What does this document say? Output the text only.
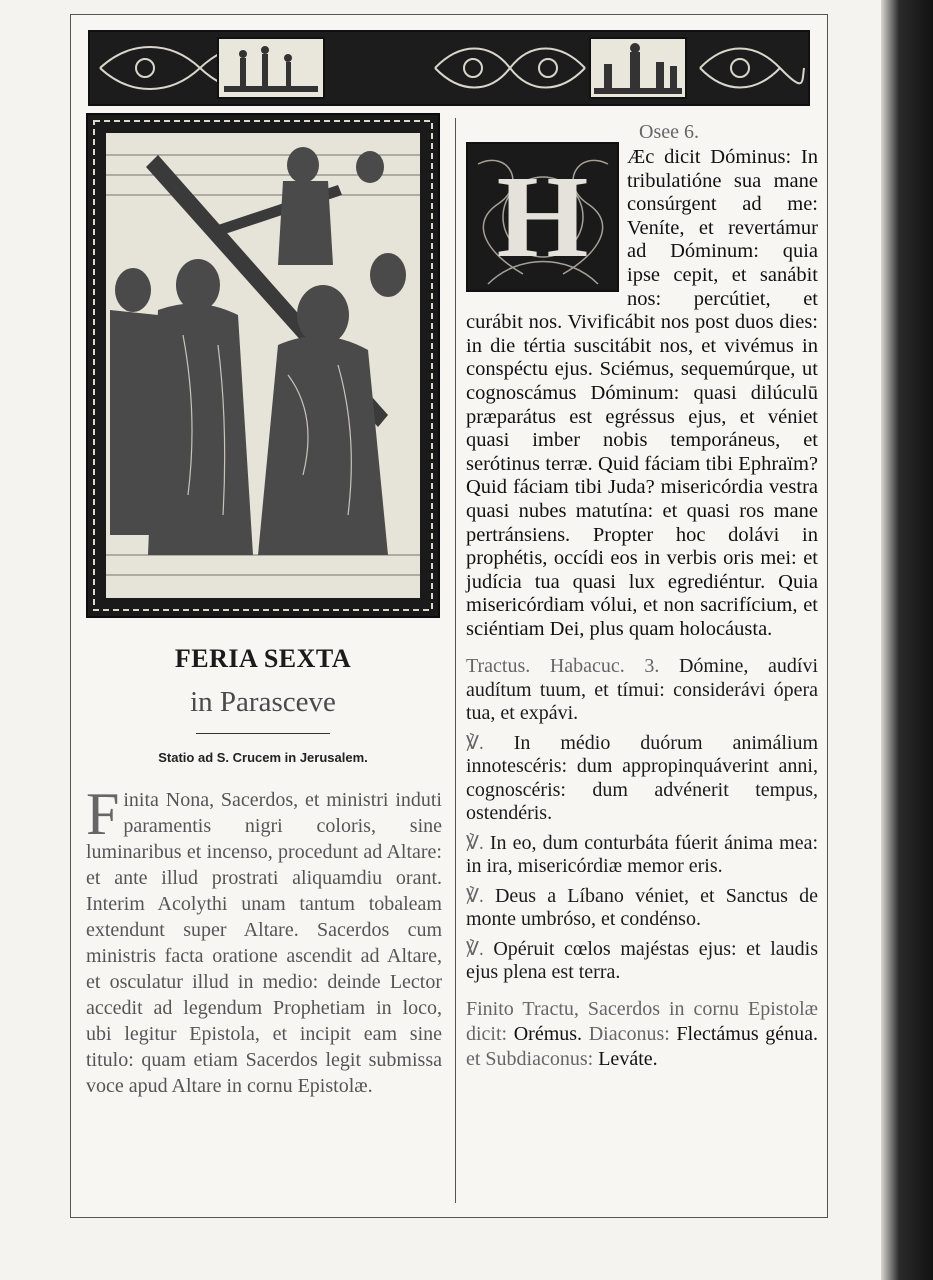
FERIA SEXTA
in Parasceve
Statio ad S. Crucem in Jerusalem.

Finita Nona, Sacerdos, et ministri induti paramentis nigri coloris, sine luminaribus et incenso, procedunt ad Altare: et ante illud prostrati aliquamdiu orant. Interim Acolythi unam tantum tobaleam extendunt super Altare. Sacerdos cum ministris facta oratione ascendit ad Altare, et osculatur illud in medio: deinde Lector accedit ad legendum Prophetiam in loco, ubi legitur Epistola, et incipit eam sine titulo: quam etiam Sacerdos legit submissa voce apud Altare in cornu Epistolæ.

Osee 6.

H	Æc dicit Dóminus: In tribulatióne sua mane consúrgent ad me: Veníte, et revertámur ad Dóminum: quia ipse cepit, et sanábit nos: percútiet, et curábit nos. Vivificábit nos post duos dies: in die tértia suscitábit nos, et vivémus in conspéctu ejus. Sciémus, sequemúrque, ut cognoscámus Dóminum: quasi dilúculū præparátus est egréssus ejus, et véniet quasi imber nobis temporáneus, et serótinus terræ. Quid fáciam tibi Ephraïm? Quid fáciam tibi Juda? misericórdia vestra quasi nubes matutína: et quasi ros mane pertránsiens. Propter hoc dolávi in prophétis, occídi eos in verbis oris mei: et judícia tua quasi lux egrediéntur. Quia misericórdiam vólui, et non sacrifícium, et sciéntiam Dei, plus quam holocáusta.

Tractus. Habacuc. 3. Dómine, audívi audítum tuum, et tímui: considerávi ópera tua, et expávi.

℣. In médio duórum animálium innotescéris: dum appropinquáverint anni, cognoscéris: dum advénerit tempus, ostendéris.

℣. In eo, dum conturbáta fúerit ánima mea: in ira, misericórdiæ memor eris.

℣. Deus a Líbano véniet, et Sanctus de monte umbróso, et condénso.

℣. Opéruit cœlos majéstas ejus: et laudis ejus plena est terra.

Finito Tractu, Sacerdos in cornu Epistolæ dicit: Orémus. Diaconus: Flectámus génua. et Subdiaconus: Leváte.
